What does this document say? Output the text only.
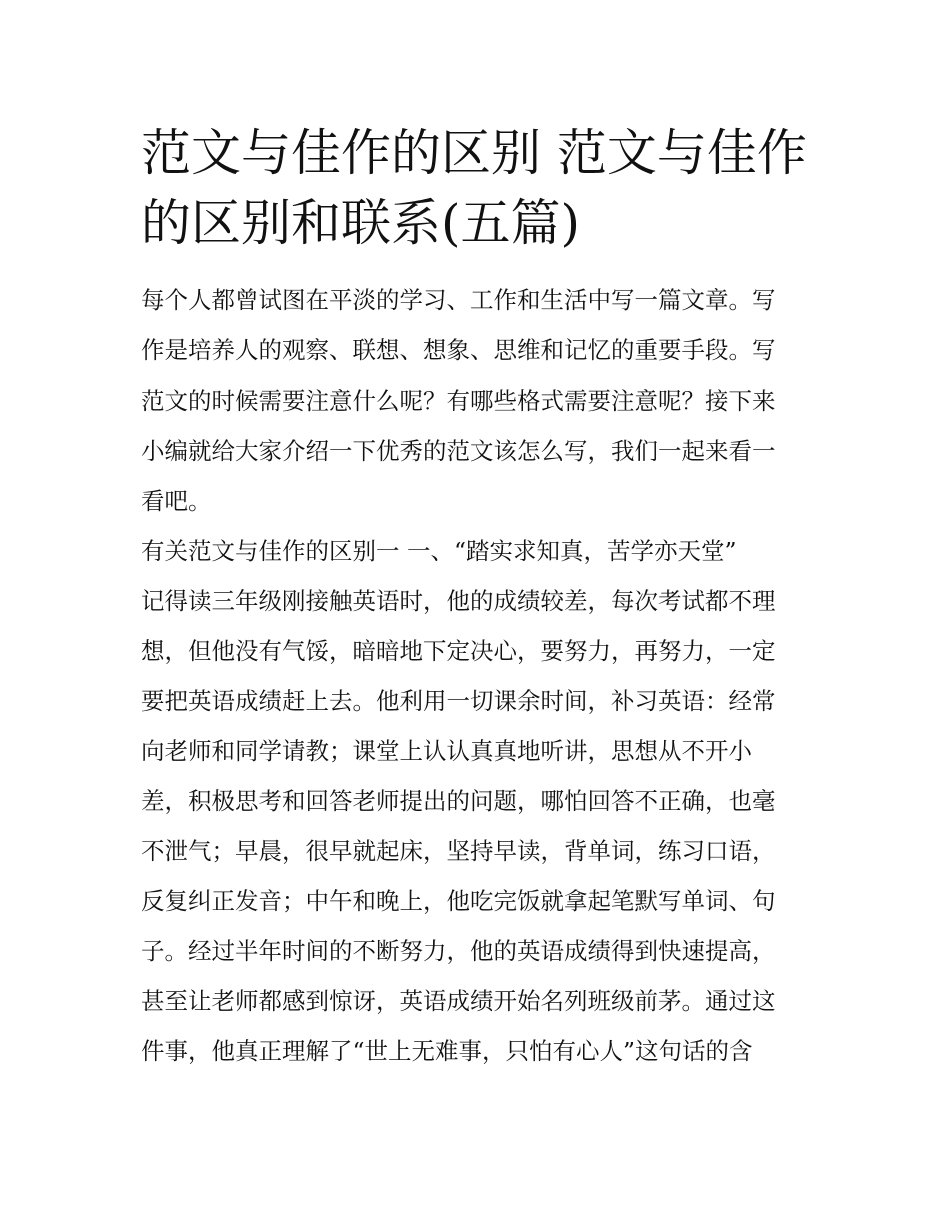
范文与佳作的区别 范文与佳作
的区别和联系(五篇)
每个人都曾试图在平淡的学习、工作和生活中写一篇文章。写
作是培养人的观察、联想、想象、思维和记忆的重要手段。写
范文的时候需要注意什么呢？有哪些格式需要注意呢？接下来
小编就给大家介绍一下优秀的范文该怎么写，我们一起来看一
看吧。
有关范文与佳作的区别一 一、“踏实求知真，苦学亦天堂”
记得读三年级刚接触英语时，他的成绩较差，每次考试都不理
想，但他没有气馁，暗暗地下定决心，要努力，再努力，一定
要把英语成绩赶上去。他利用一切课余时间，补习英语：经常
向老师和同学请教；课堂上认认真真地听讲，思想从不开小
差，积极思考和回答老师提出的问题，哪怕回答不正确，也毫
不泄气；早晨，很早就起床，坚持早读，背单词，练习口语，
反复纠正发音；中午和晚上，他吃完饭就拿起笔默写单词、句
子。经过半年时间的不断努力，他的英语成绩得到快速提高，
甚至让老师都感到惊讶，英语成绩开始名列班级前茅。通过这
件事，他真正理解了“世上无难事，只怕有心人”这句话的含
